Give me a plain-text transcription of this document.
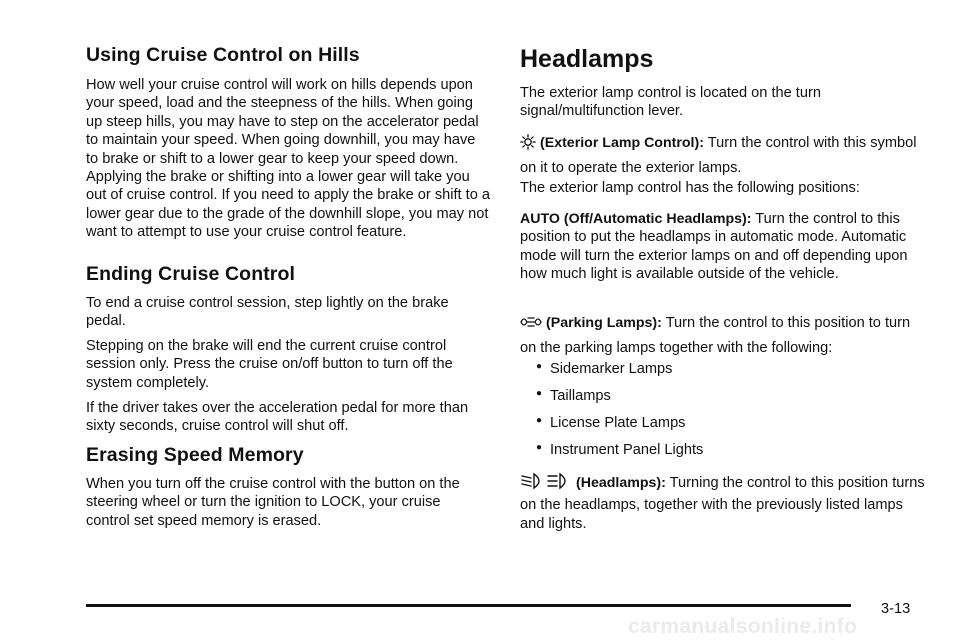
Using Cruise Control on Hills

How well your cruise control will work on hills depends upon your speed, load and the steepness of the hills. When going up steep hills, you may have to step on the accelerator pedal to maintain your speed. When going downhill, you may have to brake or shift to a lower gear to keep your speed down. Applying the brake or shifting into a lower gear will take you out of cruise control. If you need to apply the brake or shift to a lower gear due to the grade of the downhill slope, you may not want to attempt to use your cruise control feature.

Ending Cruise Control

To end a cruise control session, step lightly on the brake pedal.

Stepping on the brake will end the current cruise control session only. Press the cruise on/off button to turn off the system completely.

If the driver takes over the acceleration pedal for more than sixty seconds, cruise control will shut off.

Erasing Speed Memory

When you turn off the cruise control with the button on the steering wheel or turn the ignition to LOCK, your cruise control set speed memory is erased.

Headlamps

The exterior lamp control is located on the turn signal/multifunction lever.

(Exterior Lamp Control): Turn the control with this symbol on it to operate the exterior lamps.

The exterior lamp control has the following positions:

AUTO (Off/Automatic Headlamps): Turn the control to this position to put the headlamps in automatic mode. Automatic mode will turn the exterior lamps on and off depending upon how much light is available outside of the vehicle.

(Parking Lamps): Turn the control to this position to turn on the parking lamps together with the following:

● Sidemarker Lamps
● Taillamps
● License Plate Lamps
● Instrument Panel Lights

(Headlamps): Turning the control to this position turns on the headlamps, together with the previously listed lamps and lights.

3-13
carmanualsonline.info
